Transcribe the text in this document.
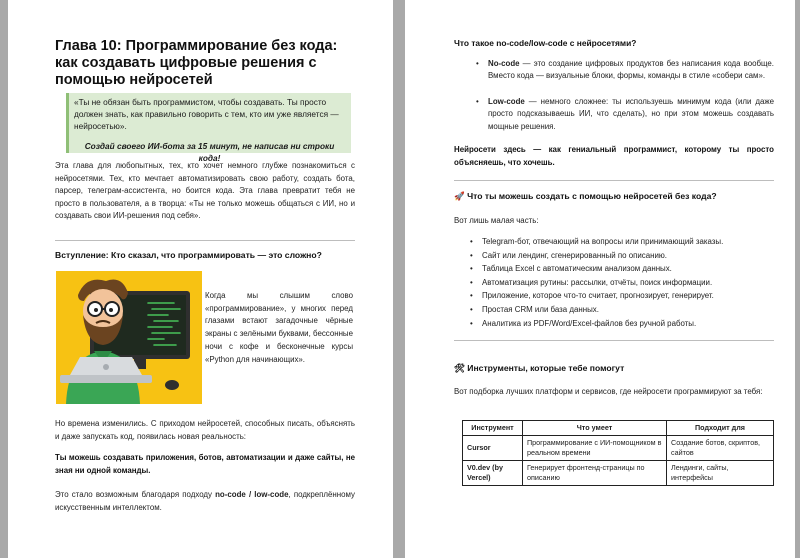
Глава 10: Программирование без кода: как создавать цифровые решения с помощью нейросетей
«Ты не обязан быть программистом, чтобы создавать. Ты просто должен знать, как правильно говорить с тем, кто им уже является — нейросетью».
Создай своего ИИ-бота за 15 минут, не написав ни строки кода!
Эта глава для любопытных, тех, кто хочет немного глубже познакомиться с нейросетями. Тех, кто мечтает автоматизировать свою работу, создать бота, парсер, телеграм-ассистента, но боится кода. Эта глава превратит тебя не просто в пользователя, а в творца: «Ты не только можешь общаться с ИИ, но и создавать свои ИИ-решения под себя».
Вступление: Кто сказал, что программировать — это сложно?
Когда мы слышим слово «программирование», у многих перед глазами встают загадочные чёрные экраны с зелёными буквами, бессонные ночи с кофе и бесконечные курсы «Python для начинающих».
Но времена изменились. С приходом нейросетей, способных писать, объяснять и даже запускать код, появилась новая реальность:
Ты можешь создавать приложения, ботов, автоматизации и даже сайты, не зная ни одной команды.
Это стало возможным благодаря подходу no-code / low-code, подкреплённому искусственным интеллектом.
Что такое no-code/low-code с нейросетями?
• No-code — это создание цифровых продуктов без написания кода вообще. Вместо кода — визуальные блоки, формы, команды в стиле «собери сам».
• Low-code — немного сложнее: ты используешь минимум кода (или даже просто подсказываешь ИИ, что сделать), но при этом можешь создавать мощные решения.
Нейросети здесь — как гениальный программист, которому ты просто объясняешь, что хочешь.
🚀 Что ты можешь создать с помощью нейросетей без кода?
Вот лишь малая часть:
• Telegram-бот, отвечающий на вопросы или принимающий заказы.
• Сайт или лендинг, сгенерированный по описанию.
• Таблица Excel с автоматическим анализом данных.
• Автоматизация рутины: рассылки, отчёты, поиск информации.
• Приложение, которое что-то считает, прогнозирует, генерирует.
• Простая CRM или база данных.
• Аналитика из PDF/Word/Excel-файлов без ручной работы.
🛠 Инструменты, которые тебе помогут
Вот подборка лучших платформ и сервисов, где нейросети программируют за тебя:
Инструмент	Что умеет	Подходит для
Cursor	Программирование с ИИ-помощником в реальном времени	Создание ботов, скриптов, сайтов
V0.dev (by Vercel)	Генерирует фронтенд-страницы по описанию	Лендинги, сайты, интерфейсы
